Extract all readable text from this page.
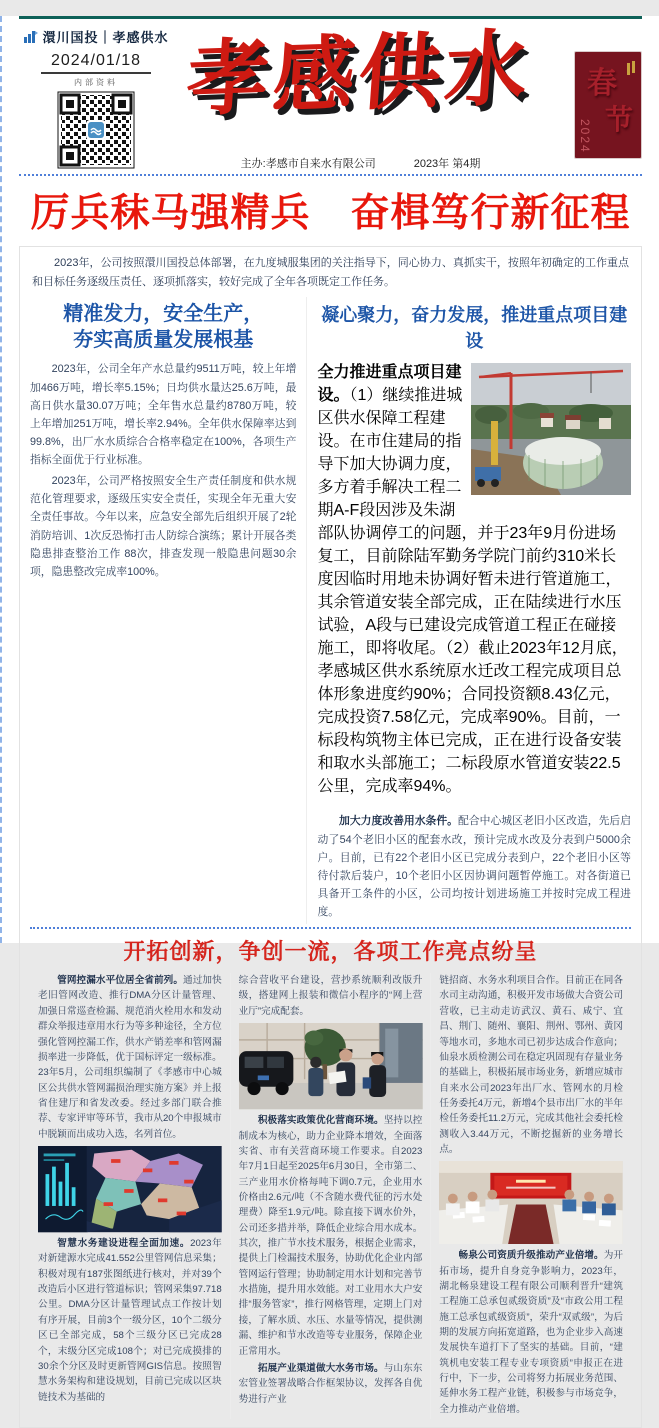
澴川国投｜孝感供水
2024/01/18
内部资料 孝感供水	春
节
2024
主办:孝感市自来水有限公司	2023年 第4期
厉兵秣马强精兵　奋楫笃行新征程

2023年，公司按照澴川国投总体部署，在九度城服集团的关注指导下，同心协力、真抓实干，按照年初确定的工作重点和目标任务逐级压责任、逐项抓落实，较好完成了全年各项既定工作任务。

精准发力，安全生产，
夯实高质量发展根基

2023年，公司全年产水总量约9511万吨，较上年增加466万吨，增长率5.15%；日均供水量达25.6万吨，最高日供水量30.07万吨；全年售水总量约8780万吨，较上年增加251万吨，增长率2.94%。全年供水保障率达到99.8%，出厂水水质综合合格率稳定在100%，各项生产指标全面优于行业标准。

2023年，公司严格按照安全生产责任制度和供水规范化管理要求，逐级压实安全责任，实现全年无重大安全责任事故。今年以来，应急安全部先后组织开展了2轮消防培训、1次反恐怖打击人防综合演练；累计开展各类隐患排查整治工作 88次，排查发现一般隐患问题30余项，隐患整改完成率100%。

凝心聚力，奋力发展，推进重点项目建设

全力推进重点项目建设。（1）继续推进城区供水保障工程建设。在市住建局的指导下加大协调力度，多方着手解决工程二期A-F段因涉及朱湖部队协调停工的问题，并于23年9月份进场复工，目前除陆军勤务学院门前约310米长度因临时用地未协调好暂未进行管道施工，其余管道安装全部完成，正在陆续进行水压试验，A段与已建设完成管道工程正在碰接施工，即将收尾。（2）截止2023年12月底，孝感城区供水系统原水迁改工程完成项目总体形象进度约90%；合同投资额8.43亿元，完成投资7.58亿元，完成率90%。目前，一标段构筑物主体已完成，正在进行设备安装和取水头部施工；二标段原水管道安装22.5公里，完成率94%。

加大力度改善用水条件。配合中心城区老旧小区改造，先后启动了54个老旧小区的配套水改，预计完成水改及分表到户5000余户。目前，已有22个老旧小区已完成分表到户，22个老旧小区等待付款后装户，10个老旧小区因协调问题暂停施工。对各街道已具备开工条件的小区，公司均按计划进场施工并按时完成工程进度。

开拓创新，争创一流，各项工作亮点纷呈

管网控漏水平位居全省前列。通过加快老旧管网改造、推行DMA分区计量管理、加强日常巡查检漏、规范消火栓用水和发动群众举报违章用水行为等多种途径，全方位强化管网控漏工作，供水产销差率和管网漏损率进一步降低，优于国标评定一级标准。23年5月，公司组织编制了《孝感市中心城区公共供水管网漏损治理实施方案》并上报省住建厅和省发改委。经过多部门联合推荐、专家评审等环节，我市从20个申报城市中脱颖而出成功入选，名列首位。

智慧水务建设进程全面加速。2023年对新建源水完成41.552公里管网信息采集；积极对现有187张图纸进行核对，并对39个改造后小区进行管道标识；管网采集97.718公里。DMA分区计量管理试点工作按计划有序开展，目前3个一级分区，10个二级分区已全部完成，58个三级分区已完成28个，末级分区完成108个；对已完成摸排的30余个分区及时更新管网GIS信息。按照智慧水务架构和建设规划，目前已完成以区块链技术为基础的

综合营收平台建设，营抄系统顺利改版升级，搭建网上报装和微信小程序的“网上营业厅”完成配套。

积极落实政策优化营商环境。坚持以控制成本为核心，助力企业降本增效，全面落实省、市有关营商环境工作要求。自2023年7月1日起至2025年6月30日，全市第二、三产业用水价格每吨下调0.7元，企业用水价格由2.6元/吨（不含随水费代征的污水处理费）降至1.9元/吨。除直接下调水价外，公司还多措并举，降低企业综合用水成本。其次，推广节水技术服务，根据企业需求，提供上门检漏技术服务，协助优化企业内部管网运行管理；协助制定用水计划和完善节水措施，提升用水效能。对工业用水大户安排“服务管家”，推行网格管理，定期上门对接，了解水质、水压、水量等情况，提供测漏、维护和节水改造等专业服务，保障企业正常用水。

拓展产业渠道做大水务市场。与山东东宏管业签署战略合作框架协议，发挥各自优势进行产业

链招商、水务水利项目合作。目前正在同各水司主动沟通，积极开发市场做大合资公司营收，已主动走访武汉、黄石、咸宁、宜昌、荆门、随州、襄阳、荆州、鄂州、黄冈等地水司，多地水司已初步达成合作意向；仙泉水质检测公司在稳定巩固现有存量业务的基础上，积极拓展市场业务，新增应城市自来水公司2023年出厂水、管网水的月检任务委托4万元，新增4个县市出厂水的半年检任务委托11.2万元，完成其他社会委托检测收入3.44万元，不断挖掘新的业务增长点。

畅泉公司资质升级推动产业倍增。为开拓市场，提升自身竞争影响力，2023年，湖北畅泉建设工程有限公司顺利晋升“建筑工程施工总承包贰级资质”及“市政公用工程施工总承包贰级资质”，荣升“双贰级”，为后期的发展方向拓宽道路，也为企业步入高速发展快车道打下了坚实的基础。目前，“建筑机电安装工程专业专项资质”申报正在进行中，下一步，公司将努力拓展业务范围、延伸水务工程产业链，积极参与市场竞争，全力推动产业倍增。
